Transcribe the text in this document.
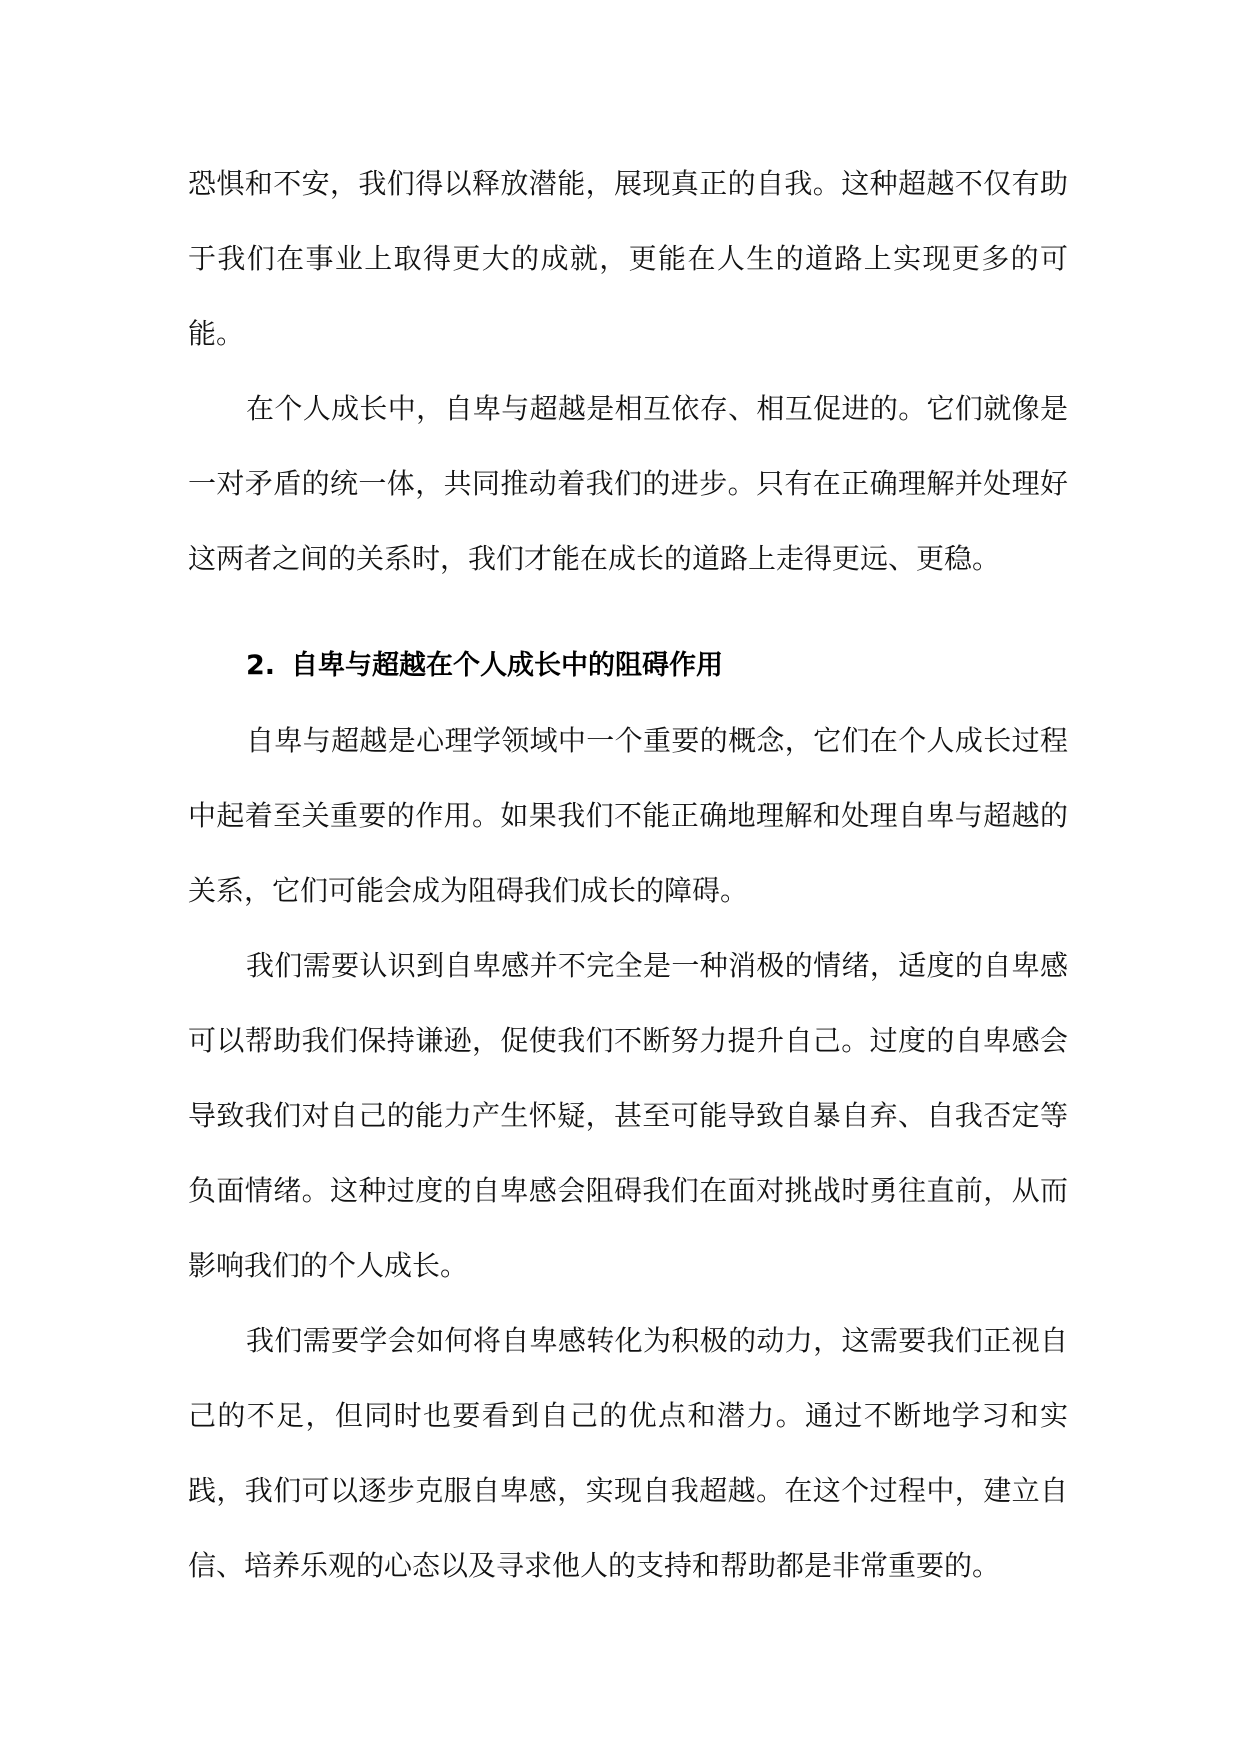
恐惧和不安，我们得以释放潜能，展现真正的自我。这种超越不仅有助于我们在事业上取得更大的成就，更能在人生的道路上实现更多的可能。

在个人成长中，自卑与超越是相互依存、相互促进的。它们就像是一对矛盾的统一体，共同推动着我们的进步。只有在正确理解并处理好这两者之间的关系时，我们才能在成长的道路上走得更远、更稳。

2. 自卑与超越在个人成长中的阻碍作用

自卑与超越是心理学领域中一个重要的概念，它们在个人成长过程中起着至关重要的作用。如果我们不能正确地理解和处理自卑与超越的关系，它们可能会成为阻碍我们成长的障碍。

我们需要认识到自卑感并不完全是一种消极的情绪，适度的自卑感可以帮助我们保持谦逊，促使我们不断努力提升自己。过度的自卑感会导致我们对自己的能力产生怀疑，甚至可能导致自暴自弃、自我否定等负面情绪。这种过度的自卑感会阻碍我们在面对挑战时勇往直前，从而影响我们的个人成长。

我们需要学会如何将自卑感转化为积极的动力，这需要我们正视自己的不足，但同时也要看到自己的优点和潜力。通过不断地学习和实践，我们可以逐步克服自卑感，实现自我超越。在这个过程中，建立自信、培养乐观的心态以及寻求他人的支持和帮助都是非常重要的。
